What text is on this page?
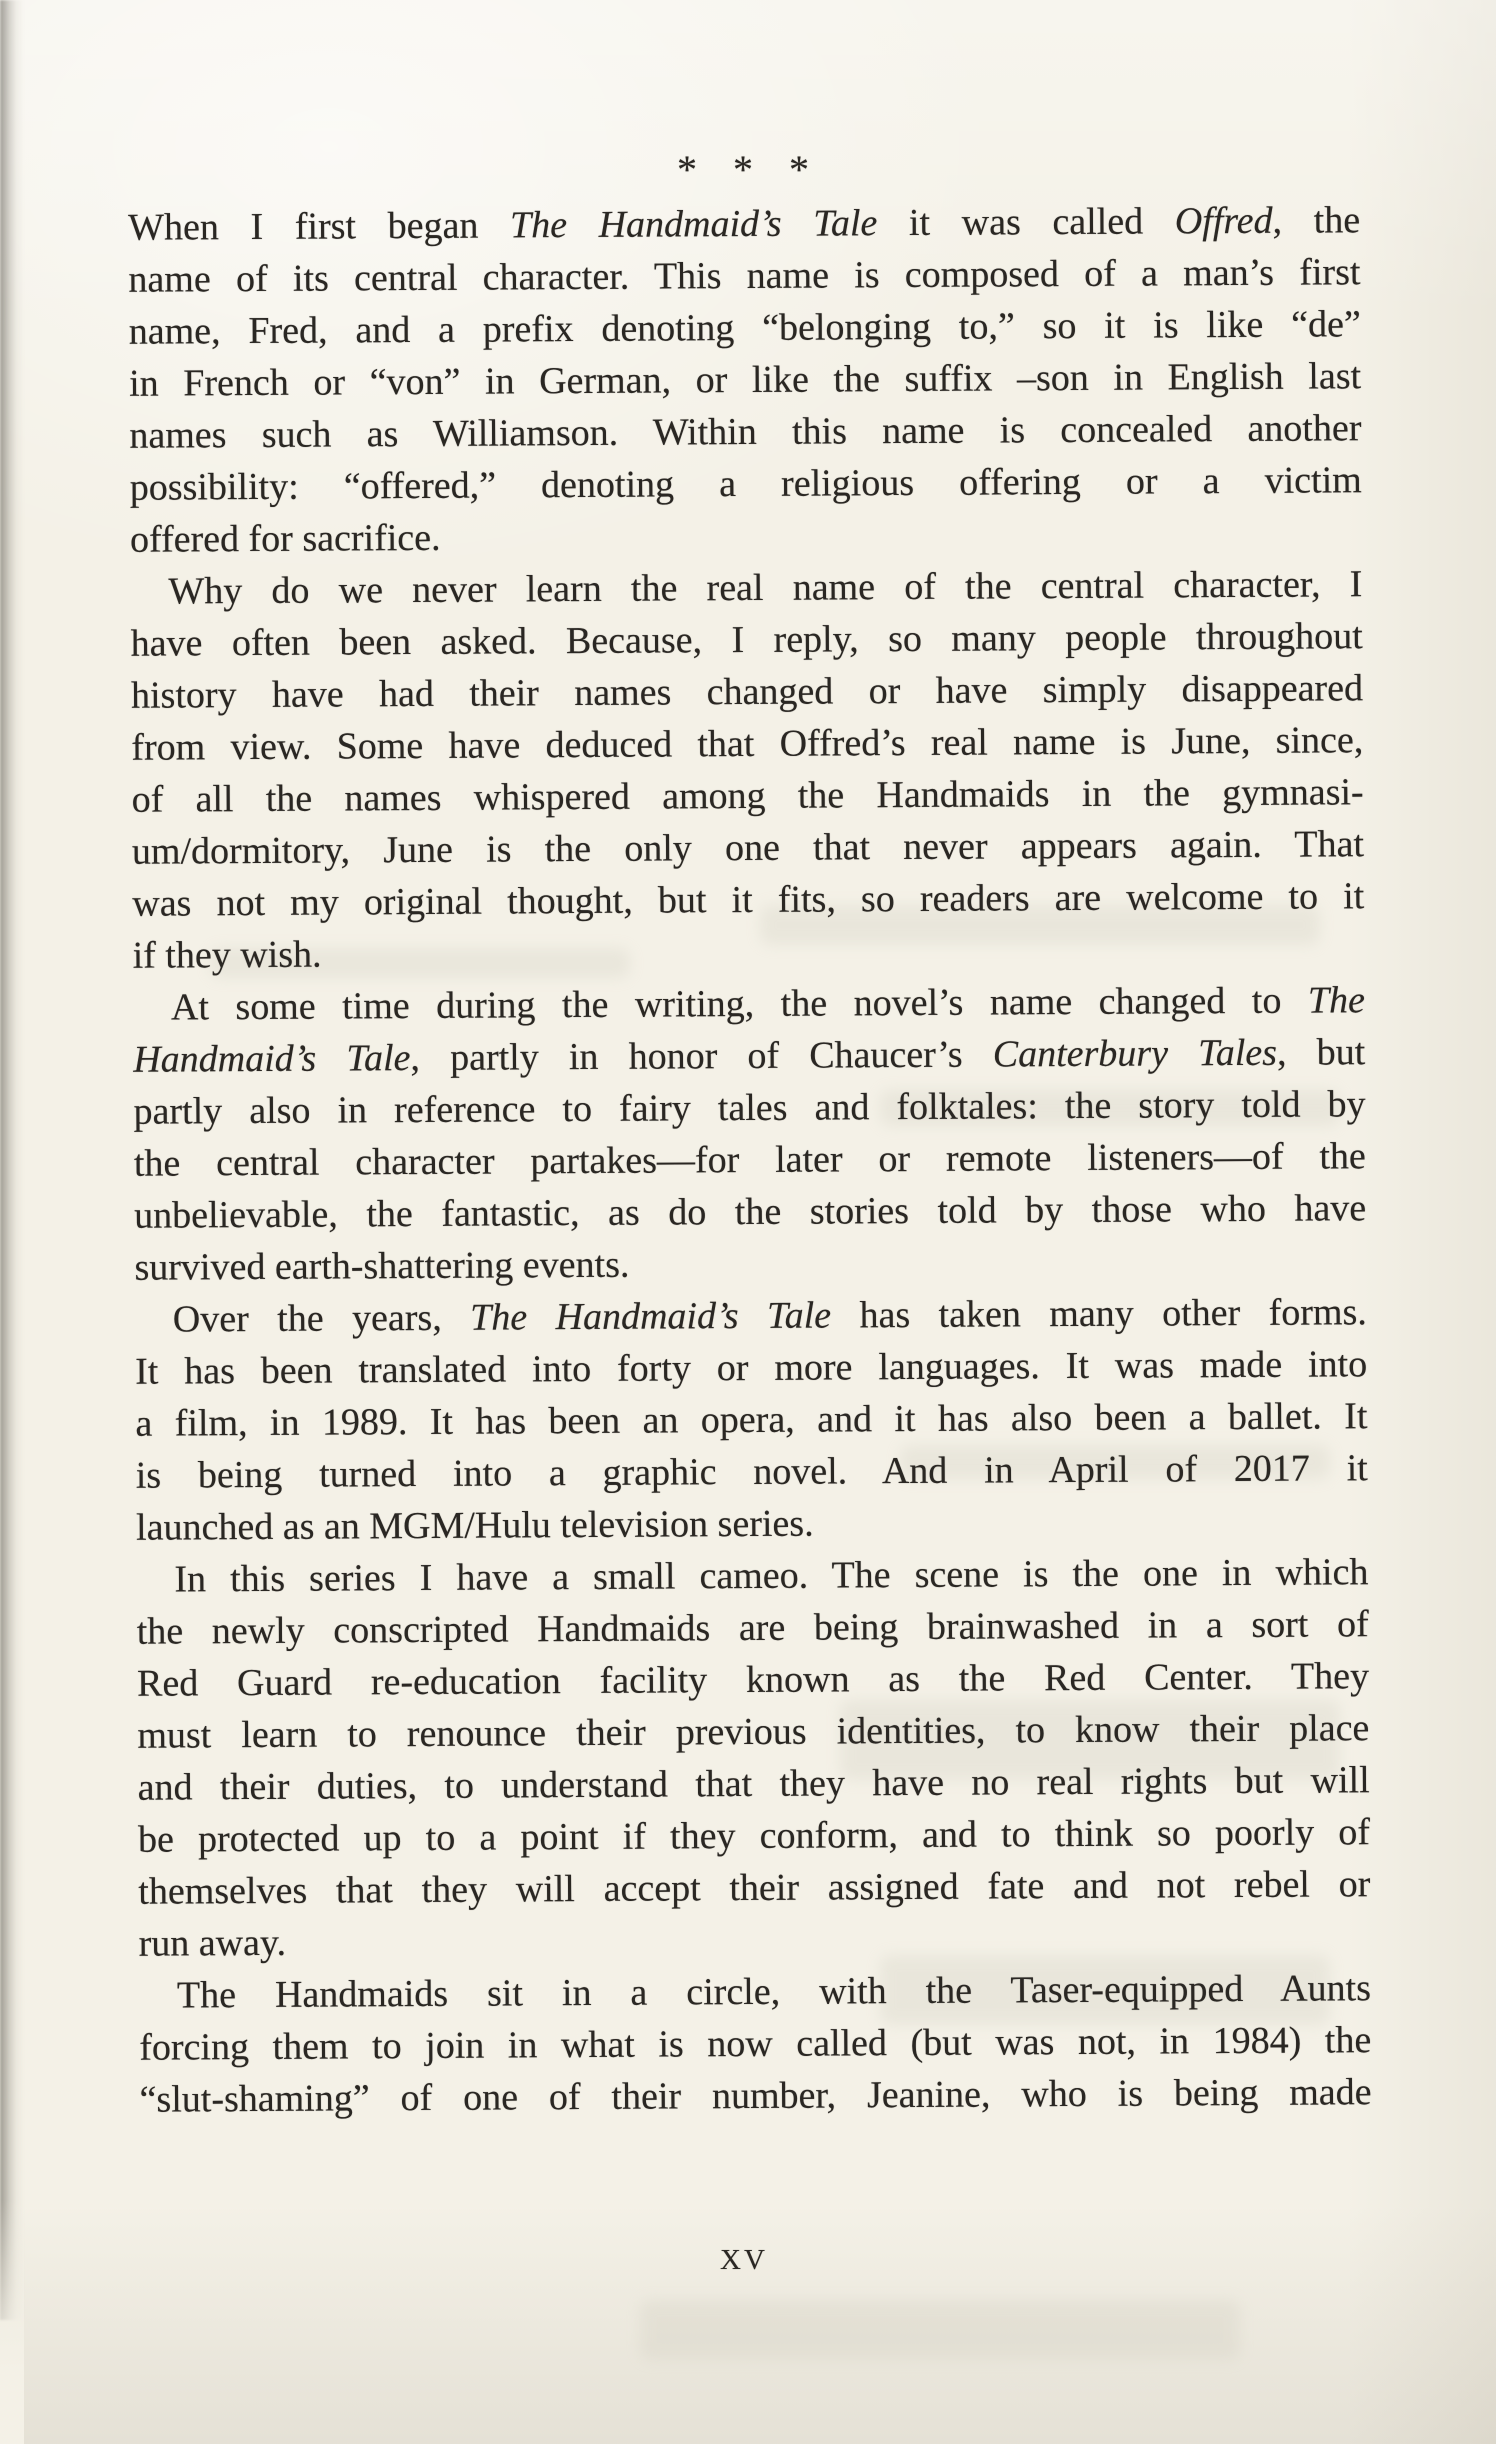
* * *
When I first began The Handmaid’s Tale it was called Offred, the
name of its central character. This name is composed of a man’s first
name, Fred, and a prefix denoting “belonging to,” so it is like “de”
in French or “von” in German, or like the suffix –son in English last
names such as Williamson. Within this name is concealed another
possibility: “offered,” denoting a religious offering or a victim
offered for sacrifice.
Why do we never learn the real name of the central character, I
have often been asked. Because, I reply, so many people throughout
history have had their names changed or have simply disappeared
from view. Some have deduced that Offred’s real name is June, since,
of all the names whispered among the Handmaids in the gymnasi-
um/dormitory, June is the only one that never appears again. That
was not my original thought, but it fits, so readers are welcome to it
if they wish.
At some time during the writing, the novel’s name changed to The
Handmaid’s Tale, partly in honor of Chaucer’s Canterbury Tales, but
partly also in reference to fairy tales and folktales: the story told by
the central character partakes—for later or remote listeners—of the
unbelievable, the fantastic, as do the stories told by those who have
survived earth-shattering events.
Over the years, The Handmaid’s Tale has taken many other forms.
It has been translated into forty or more languages. It was made into
a film, in 1989. It has been an opera, and it has also been a ballet. It
is being turned into a graphic novel. And in April of 2017 it
launched as an MGM/Hulu television series.
In this series I have a small cameo. The scene is the one in which
the newly conscripted Handmaids are being brainwashed in a sort of
Red Guard re-education facility known as the Red Center. They
must learn to renounce their previous identities, to know their place
and their duties, to understand that they have no real rights but will
be protected up to a point if they conform, and to think so poorly of
themselves that they will accept their assigned fate and not rebel or
run away.
The Handmaids sit in a circle, with the Taser-equipped Aunts
forcing them to join in what is now called (but was not, in 1984) the
“slut-shaming” of one of their number, Jeanine, who is being made
XV
